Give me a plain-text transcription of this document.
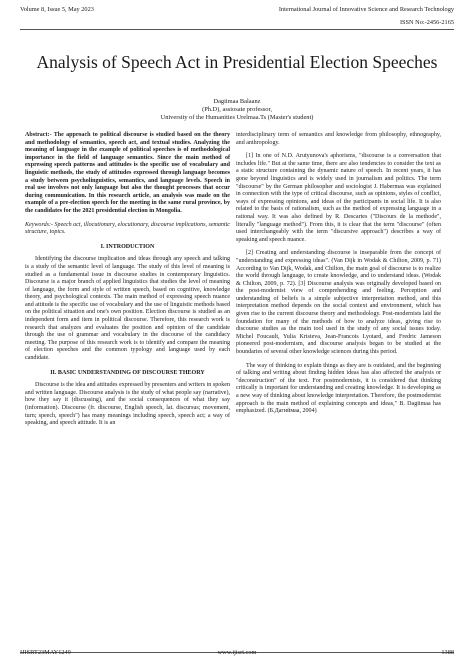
Volume 8, Issue 5, May 2023	International Journal of Innovative Science and Research Technology
ISSN No:-2456-2165
Analysis of Speech Act in Presidential Election Speeches
Dagiimaa Balaanz
(Ph.D), assiosate professor,
University of the Humanities Urelmaa.Ts (Master's student)

Abstract:- The approach to political discourse is studied based on the theory and methodology of semantics, speech act, and textual studies. Analyzing the meaning of language in the example of political speeches is of methodological importance in the field of language semantics. Since the main method of expressing speech patterns and attitudes is the specific use of vocabulary and linguistic methods, the study of attitudes expressed through language becomes a study between psycholinguistics, semantics, and language levels. Speech in real use involves not only language but also the thought processes that occur during communication. In this research article, an analysis was made on the example of a pre-election speech for the meeting in the same rural province, by the candidates for the 2021 presidential election in Mongolia.

Keywords:- Speech act, illocutionary, elocutionary, discourse implications, semantic structure, topics.

I. INTRODUCTION

Identifying the discourse implication and ideas through any speech and talking is a study of the semantic level of language. The study of this level of meaning is studied as a fundamental issue in discourse studies in contemporary linguistics. Discourse is a major branch of applied linguistics that studies the level of meaning of language, the form and style of written speech, based on cognitive, knowledge theory, and psychological contexts. The main method of expressing speech nuance and attitude is the specific use of vocabulary and the use of linguistic methods based on the political situation and one's own position. Election discourse is studied as an independent form and item in political discourse. Therefore, this research work is research that analyzes and evaluates the position and opinion of the candidate through the use of grammar and vocabulary in the discourse of the candidacy meeting. The purpose of this research work is to identify and compare the meaning of election speeches and the common typology and language used by each candidate.

II. BASIC UNDERSTANDING OF DISCOURSE THEORY

Discourse is the idea and attitudes expressed by presenters and writers in spoken and written language. Discourse analysis is the study of what people say (narrative), how they say it (discussing), and the social consequences of what they say (information). Discourse (fr. discourse, English speech, lat. discursus; movement, turn; speech, speech") has many meanings including speech, speech act; a way of speaking, and speech attitude. It is an

interdisciplinary term of semantics and knowledge from philosophy, ethnography, and anthropology.

[1] In one of N.D. Arutyunova's aphorisms, "discourse is a conversation that includes life." But at the same time, there are also tendencies to consider the text as a static structure containing the dynamic nature of speech. In recent years, it has gone beyond linguistics and is widely used in journalism and politics. The term "discourse" by the German philosopher and sociologist J. Habermas was explained in connection with the type of critical discourse, such as opinions, styles of conflict, ways of expressing opinions, and ideas of the participants in social life. It is also related to the basis of rationalism, such as the method of expressing language in a rational way. It was also defined by R. Descartes ("Discours de la methode", literally "language method"). From this, it is clear that the term "discourse" (often used interchangeably with the term "discursive approach") describes a way of speaking and speech nuance.

[2] Creating and understanding discourse is inseparable from the concept of "understanding and expressing ideas". (Van Dijk in Wodak & Chilton, 2009, p. 71) According to Van Dijk, Wodak, and Chilton, the main goal of discourse is to realize the world through language, to create knowledge, and to understand ideas. (Wodak & Chilton, 2009, p. 72). [3] Discourse analysis was originally developed based on the post-modernist view of comprehending and feeling. Perception and understanding of beliefs is a simple subjective interpretation method, and this interpretation method depends on the social context and environment, which has given rise to the current discourse theory and methodology. Post-modernists laid the foundation for many of the methods of how to analyze ideas, giving rise to discourse studies as the main tool used in the study of any social issues today. Michel Foucault, Yulia Kristeva, Jean-Francois Lyotard, and Fredric Jameson pioneered post-modernism, and discourse analysis began to be studied at the boundaries of several other knowledge sciences during this period.

The way of thinking to explain things as they are is outdated, and the beginning of talking and writing about finding hidden ideas has also affected the analysis or "deconstruction" of the text. For postmodernists, it is considered that thinking critically is important for understanding and creating knowledge. It is developing as a new way of thinking about knowledge interpretation. Therefore, the postmodernist approach is the main method of explaining concepts and ideas," B. Dagiimaa has emphasized. (Б.Дагиймаа, 2004)

IJISRT23MAY1249	www.ijisrt.com	1388
